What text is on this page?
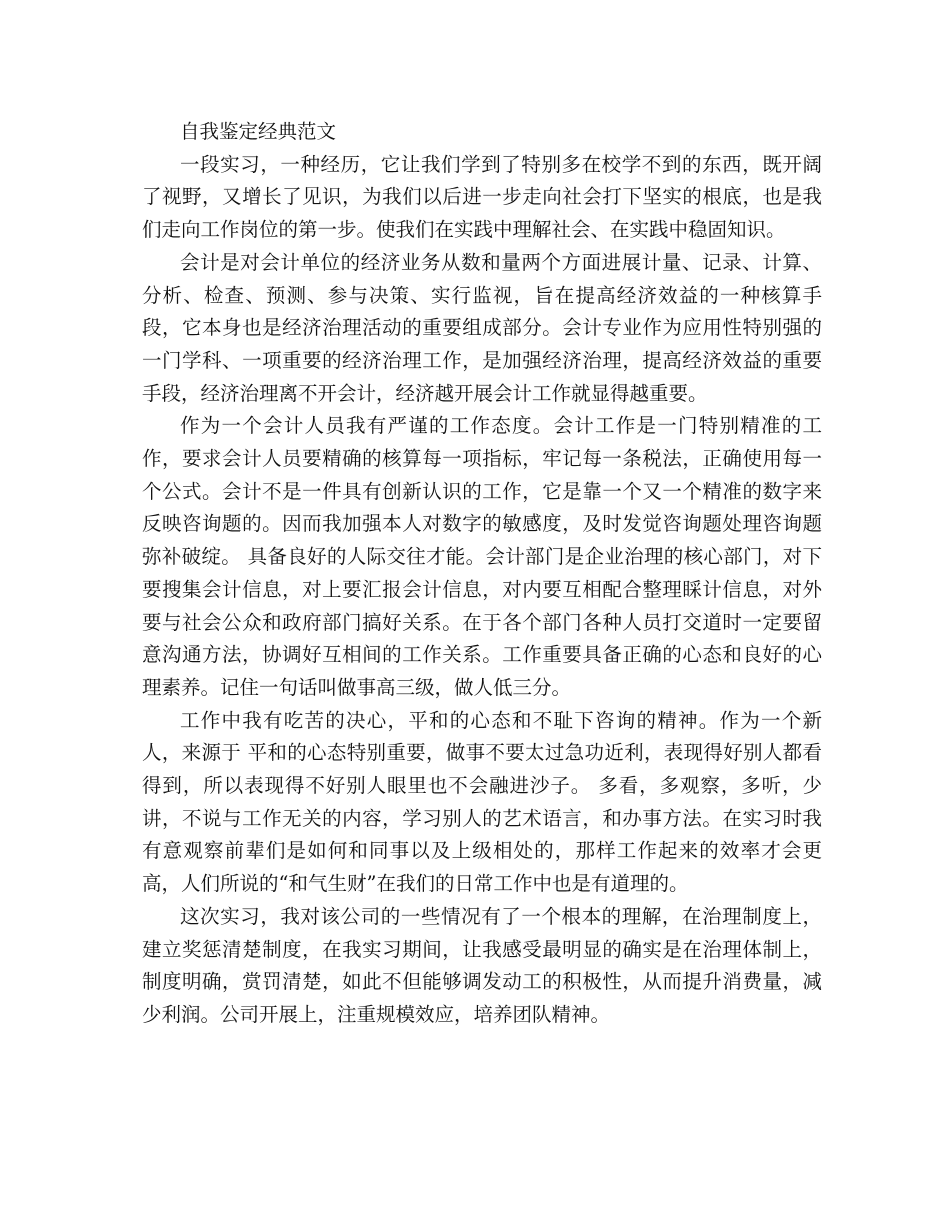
自我鉴定经典范文

一段实习，一种经历，它让我们学到了特别多在校学不到的东西，既开阔了视野，又增长了见识，为我们以后进一步走向社会打下坚实的根底，也是我们走向工作岗位的第一步。使我们在实践中理解社会、在实践中稳固知识。

会计是对会计单位的经济业务从数和量两个方面进展计量、记录、计算、分析、检查、预测、参与决策、实行监视，旨在提高经济效益的一种核算手段，它本身也是经济治理活动的重要组成部分。会计专业作为应用性特别强的一门学科、一项重要的经济治理工作，是加强经济治理，提高经济效益的重要手段，经济治理离不开会计，经济越开展会计工作就显得越重要。

作为一个会计人员我有严谨的工作态度。会计工作是一门特别精准的工作，要求会计人员要精确的核算每一项指标，牢记每一条税法，正确使用每一个公式。会计不是一件具有创新认识的工作，它是靠一个又一个精准的数字来反映咨询题的。因而我加强本人对数字的敏感度，及时发觉咨询题处理咨询题弥补破绽。 具备良好的人际交往才能。会计部门是企业治理的核心部门，对下要搜集会计信息，对上要汇报会计信息，对内要互相配合整理睬计信息，对外要与社会公众和政府部门搞好关系。在于各个部门各种人员打交道时一定要留意沟通方法，协调好互相间的工作关系。工作重要具备正确的心态和良好的心理素养。记住一句话叫做事高三级，做人低三分。

工作中我有吃苦的决心，平和的心态和不耻下咨询的精神。作为一个新人，来源于 平和的心态特别重要，做事不要太过急功近利，表现得好别人都看得到，所以表现得不好别人眼里也不会融进沙子。 多看，多观察，多听，少讲，不说与工作无关的内容，学习别人的艺术语言，和办事方法。在实习时我有意观察前辈们是如何和同事以及上级相处的，那样工作起来的效率才会更高，人们所说的“和气生财”在我们的日常工作中也是有道理的。

这次实习，我对该公司的一些情况有了一个根本的理解，在治理制度上，建立奖惩清楚制度，在我实习期间，让我感受最明显的确实是在治理体制上，制度明确，赏罚清楚，如此不但能够调发动工的积极性，从而提升消费量，减少利润。公司开展上，注重规模效应，培养团队精神。
